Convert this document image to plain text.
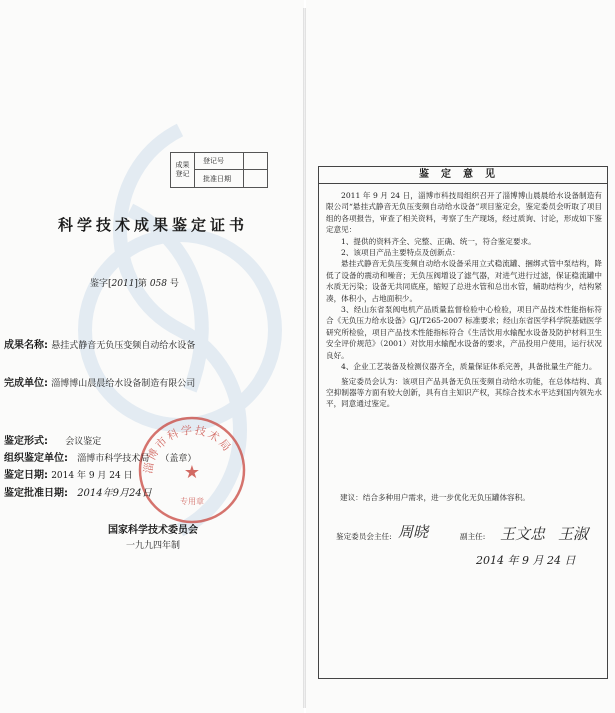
成果
登记
登记号
批准日期
科学技术成果鉴定证书
鉴字[2011]第 058 号
成果名称: 悬挂式静音无负压变频自动给水设备
完成单位: 淄博博山晨晨给水设备制造有限公司
淄博市科学技术局
★
专用章
鉴定形式: 会议鉴定
组织鉴定单位: 淄博市科学技术局 （盖章）
鉴定日期: 2014 年 9 月 24 日
鉴定批准日期: 2014年9月24日
国家科学技术委员会
一九九四年制
鉴定意见

2011 年 9 月 24 日，淄博市科技局组织召开了淄博博山晨晨给水设备制造有限公司“悬挂式静音无负压变频自动给水设备”项目鉴定会，鉴定委员会听取了项目组的各项报告，审查了相关资料，考察了生产现场，经过质询、讨论，形成如下鉴定意见：

1、提供的资料齐全、完整、正确、统一，符合鉴定要求。

2、该项目产品主要特点及创新点：

悬挂式静音无负压变频自动给水设备采用立式稳流罐、捆绑式管中泵结构，降低了设备的震动和噪音；无负压阀增设了滤气器，对进气进行过滤，保证稳流罐中水质无污染；设备无共同底座，缩短了总进水管和总出水管，辅助结构少，结构紧凑，体积小，占地面积少。

3、经山东省泵阀电机产品质量监督检验中心检验，项目产品技术性能指标符合《无负压力给水设备》GJ/T265-2007 标准要求；经山东省医学科学院基础医学研究所检验，项目产品技术性能指标符合《生活饮用水输配水设备及防护材料卫生安全评价规范》（2001）对饮用水输配水设备的要求，产品投用户使用，运行状况良好。

4、企业工艺装备及检测仪器齐全，质量保证体系完善，具备批量生产能力。

鉴定委员会认为：该项目产品具备无负压变频自动给水功能，在总体结构、真空抑制器等方面有较大创新，具有自主知识产权，其综合技术水平达到国内领先水平，同意通过鉴定。

建议：结合多种用户需求，进一步优化无负压罐体容积。
鉴定委员会主任: 周晓	副主任: 王文忠 王淑
2014 年 9 月 24 日
